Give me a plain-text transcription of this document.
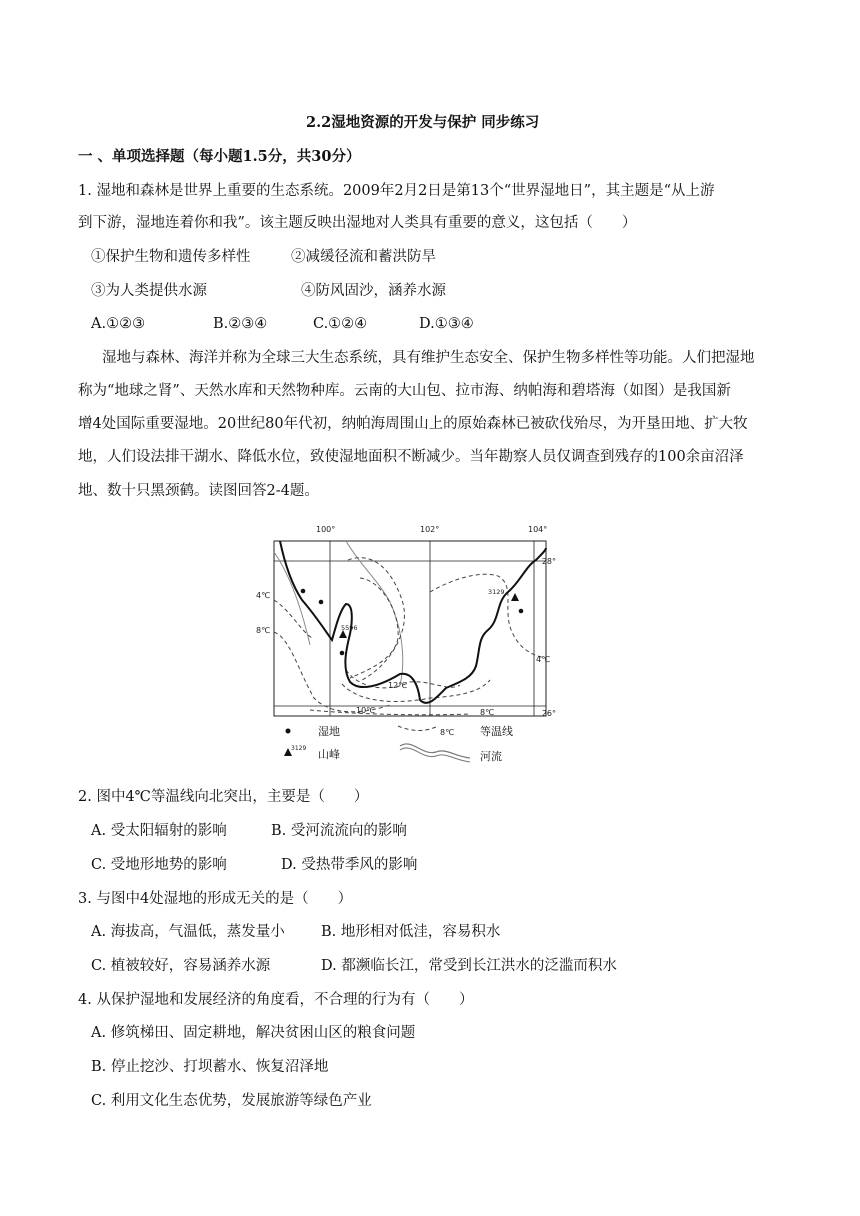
2.2湿地资源的开发与保护 同步练习
一 、单项选择题（每小题1.5分，共30分）
1. 湿地和森林是世界上重要的生态系统。2009年2月2日是第13个“世界湿地日”，其主题是“从上游
到下游，湿地连着你和我”。该主题反映出湿地对人类具有重要的意义，这包括（　　）
①保护生物和遗传多样性	②减缓径流和蓄洪防旱
③为人类提供水源	④防风固沙，涵养水源
A.①②③	B.②③④	C.①②④	D.①③④
湿地与森林、海洋并称为全球三大生态系统，具有维护生态安全、保护生物多样性等功能。人们把湿地
称为“地球之肾”、天然水库和天然物种库。云南的大山包、拉市海、纳帕海和碧塔海（如图）是我国新
增4处国际重要湿地。20世纪80年代初，纳帕海周围山上的原始森林已被砍伐殆尽，为开垦田地、扩大牧
地，人们设法排干湖水、降低水位，致使湿地面积不断减少。当年勘察人员仅调查到残存的100余亩沼泽
地、数十只黑颈鹤。读图回答2-4题。
100°	102°	104°
28°
26°
5596
3129
4℃
8℃
4℃
12℃
10℃	8℃
湿地	8℃ 等温线
3129 山峰	河流
2. 图中4℃等温线向北突出，主要是（　　）
A. 受太阳辐射的影响	B. 受河流流向的影响
C. 受地形地势的影响	D. 受热带季风的影响
3. 与图中4处湿地的形成无关的是（　　）
A. 海拔高，气温低，蒸发量小	B. 地形相对低洼，容易积水
C. 植被较好，容易涵养水源	D. 都濒临长江，常受到长江洪水的泛滥而积水
4. 从保护湿地和发展经济的角度看，不合理的行为有（　　）
A. 修筑梯田、固定耕地，解决贫困山区的粮食问题
B. 停止挖沙、打坝蓄水、恢复沼泽地
C. 利用文化生态优势，发展旅游等绿色产业
